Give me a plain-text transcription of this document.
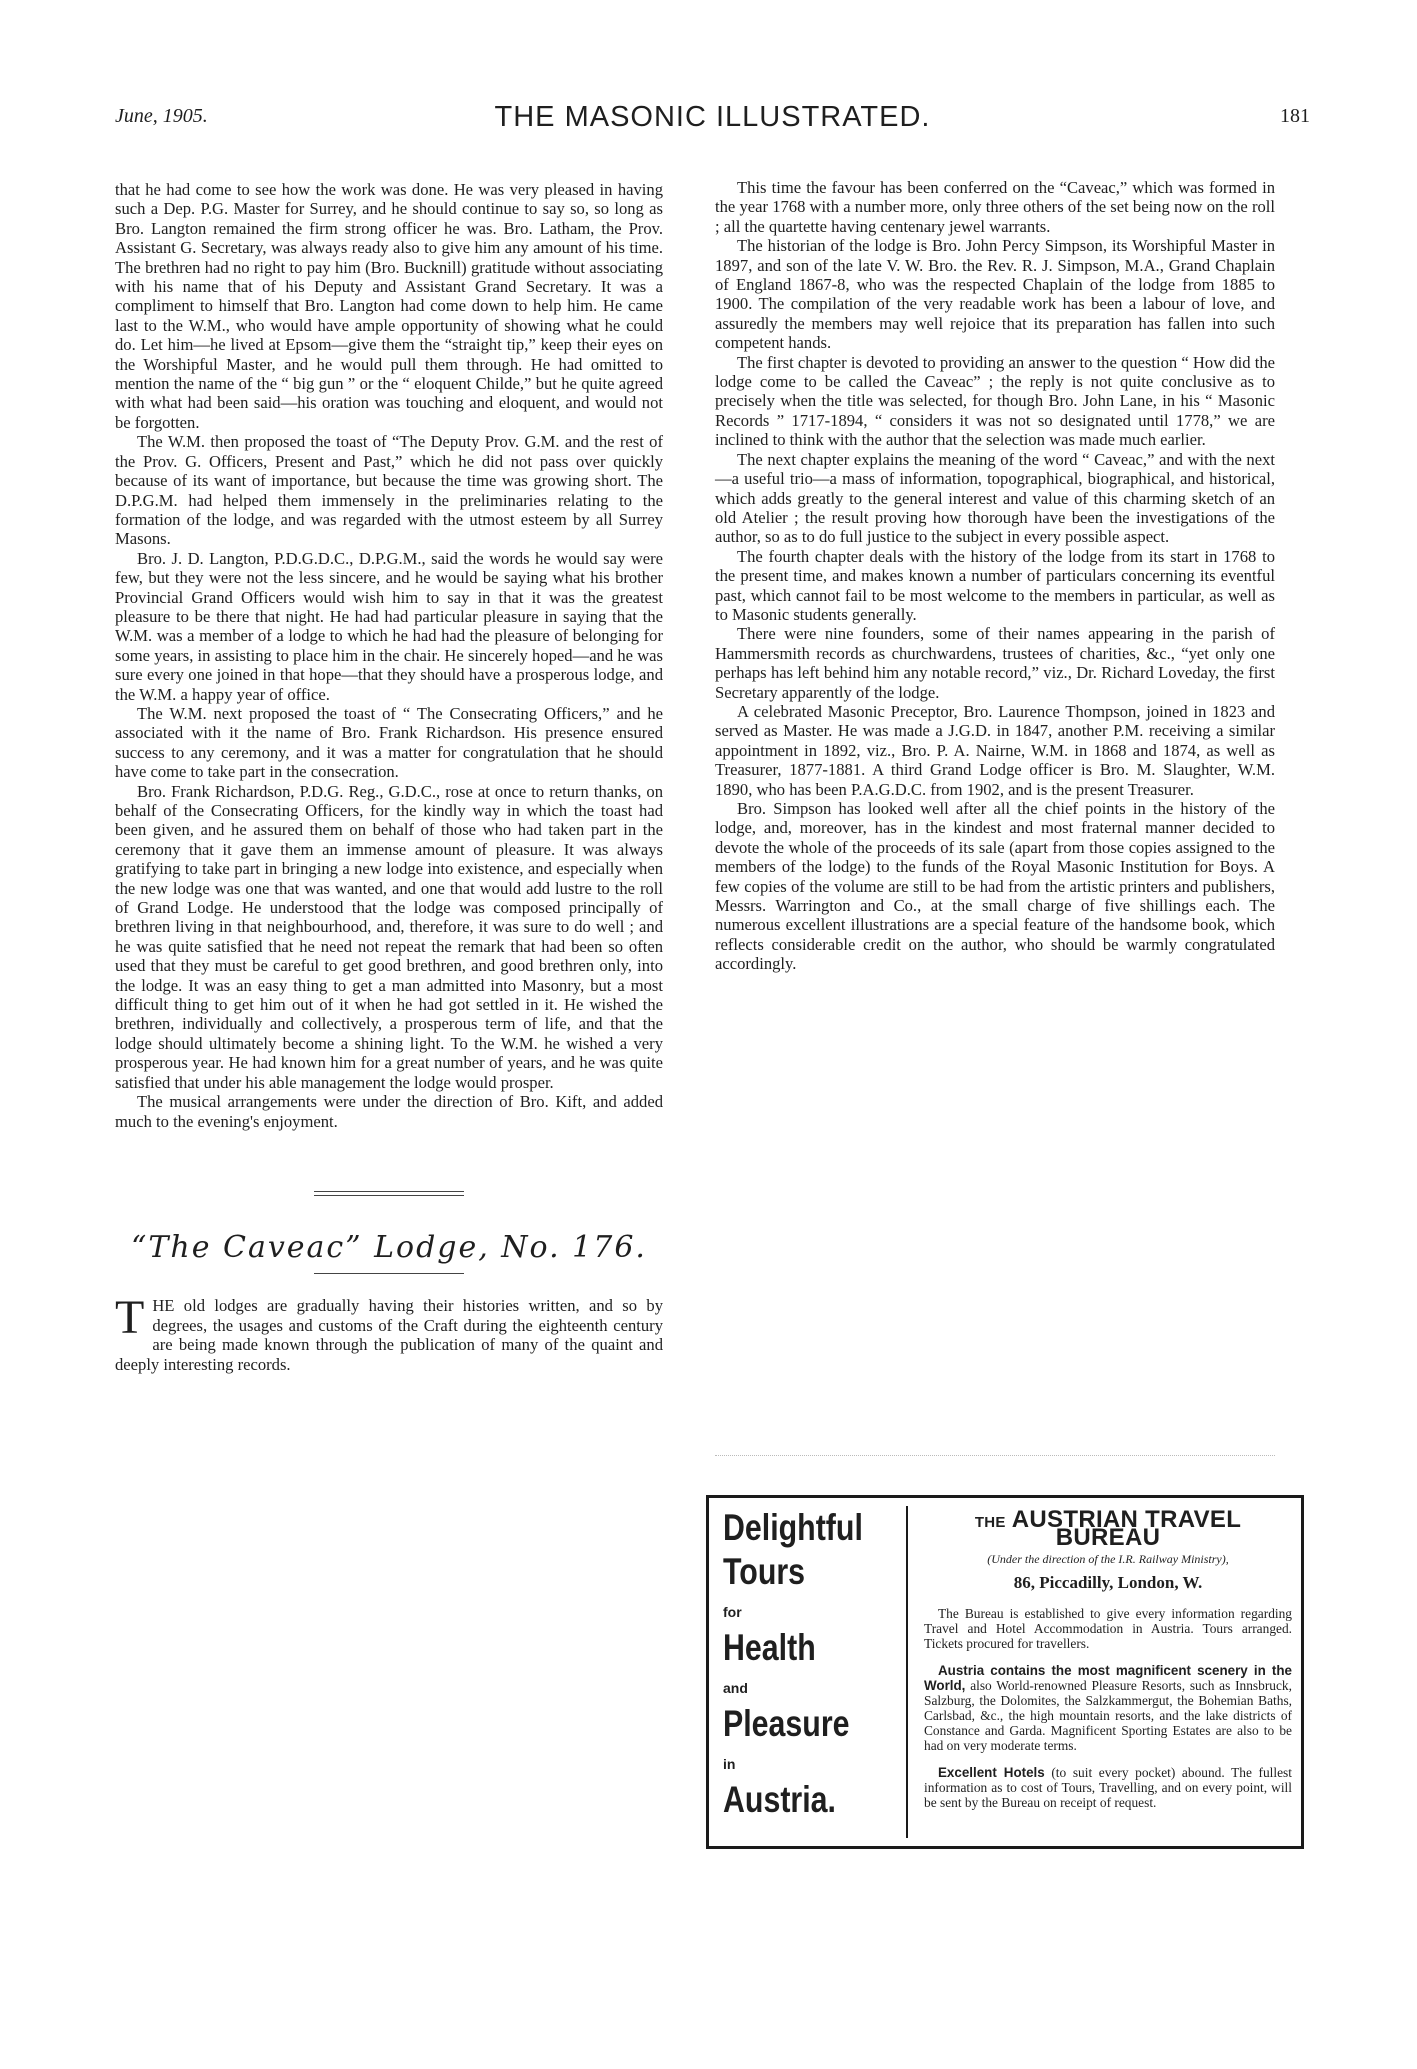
June, 1905.	THE MASONIC ILLUSTRATED.	181

that he had come to see how the work was done. He was very pleased in having such a Dep. P.G. Master for Surrey, and he should continue to say so, so long as Bro. Langton remained the firm strong officer he was. Bro. Latham, the Prov. Assistant G. Secretary, was always ready also to give him any amount of his time. The brethren had no right to pay him (Bro. Bucknill) gratitude without associating with his name that of his Deputy and Assistant Grand Secretary. It was a compliment to himself that Bro. Langton had come down to help him. He came last to the W.M., who would have ample opportunity of showing what he could do. Let him—he lived at Epsom—give them the “straight tip,” keep their eyes on the Worshipful Master, and he would pull them through. He had omitted to mention the name of the “ big gun ” or the “ eloquent Childe,” but he quite agreed with what had been said—his oration was touching and eloquent, and would not be forgotten.

The W.M. then proposed the toast of “The Deputy Prov. G.M. and the rest of the Prov. G. Officers, Present and Past,” which he did not pass over quickly because of its want of importance, but because the time was growing short. The D.P.G.M. had helped them immensely in the preliminaries relating to the formation of the lodge, and was regarded with the utmost esteem by all Surrey Masons.

Bro. J. D. Langton, P.D.G.D.C., D.P.G.M., said the words he would say were few, but they were not the less sincere, and he would be saying what his brother Provincial Grand Officers would wish him to say in that it was the greatest pleasure to be there that night. He had had particular pleasure in saying that the W.M. was a member of a lodge to which he had had the pleasure of belonging for some years, in assisting to place him in the chair. He sincerely hoped—and he was sure every one joined in that hope—that they should have a prosperous lodge, and the W.M. a happy year of office.

The W.M. next proposed the toast of “ The Consecrating Officers,” and he associated with it the name of Bro. Frank Richardson. His presence ensured success to any ceremony, and it was a matter for congratulation that he should have come to take part in the consecration.

Bro. Frank Richardson, P.D.G. Reg., G.D.C., rose at once to return thanks, on behalf of the Consecrating Officers, for the kindly way in which the toast had been given, and he assured them on behalf of those who had taken part in the ceremony that it gave them an immense amount of pleasure. It was always gratifying to take part in bringing a new lodge into existence, and especially when the new lodge was one that was wanted, and one that would add lustre to the roll of Grand Lodge. He understood that the lodge was composed principally of brethren living in that neighbourhood, and, therefore, it was sure to do well ; and he was quite satisfied that he need not repeat the remark that had been so often used that they must be careful to get good brethren, and good brethren only, into the lodge. It was an easy thing to get a man admitted into Masonry, but a most difficult thing to get him out of it when he had got settled in it. He wished the brethren, individually and collectively, a prosperous term of life, and that the lodge should ultimately become a shining light. To the W.M. he wished a very prosperous year. He had known him for a great number of years, and he was quite satisfied that under his able management the lodge would prosper.

The musical arrangements were under the direction of Bro. Kift, and added much to the evening's enjoyment.

“The Caveac” Lodge, No. 176.

THE old lodges are gradually having their histories written, and so by degrees, the usages and customs of the Craft during the eighteenth century are being made known through the publication of many of the quaint and deeply interesting records.

This time the favour has been conferred on the “Caveac,” which was formed in the year 1768 with a number more, only three others of the set being now on the roll ; all the quartette having centenary jewel warrants.

The historian of the lodge is Bro. John Percy Simpson, its Worshipful Master in 1897, and son of the late V. W. Bro. the Rev. R. J. Simpson, M.A., Grand Chaplain of England 1867-8, who was the respected Chaplain of the lodge from 1885 to 1900. The compilation of the very readable work has been a labour of love, and assuredly the members may well rejoice that its preparation has fallen into such competent hands.

The first chapter is devoted to providing an answer to the question “ How did the lodge come to be called the Caveac” ; the reply is not quite conclusive as to precisely when the title was selected, for though Bro. John Lane, in his “ Masonic Records ” 1717-1894, “ considers it was not so designated until 1778,” we are inclined to think with the author that the selection was made much earlier.

The next chapter explains the meaning of the word “ Caveac,” and with the next—a useful trio—a mass of information, topographical, biographical, and historical, which adds greatly to the general interest and value of this charming sketch of an old Atelier ; the result proving how thorough have been the investigations of the author, so as to do full justice to the subject in every possible aspect.

The fourth chapter deals with the history of the lodge from its start in 1768 to the present time, and makes known a number of particulars concerning its eventful past, which cannot fail to be most welcome to the members in particular, as well as to Masonic students generally.

There were nine founders, some of their names appearing in the parish of Hammersmith records as churchwardens, trustees of charities, &c., “yet only one perhaps has left behind him any notable record,” viz., Dr. Richard Loveday, the first Secretary apparently of the lodge.

A celebrated Masonic Preceptor, Bro. Laurence Thompson, joined in 1823 and served as Master. He was made a J.G.D. in 1847, another P.M. receiving a similar appointment in 1892, viz., Bro. P. A. Nairne, W.M. in 1868 and 1874, as well as Treasurer, 1877-1881. A third Grand Lodge officer is Bro. M. Slaughter, W.M. 1890, who has been P.A.G.D.C. from 1902, and is the present Treasurer.

Bro. Simpson has looked well after all the chief points in the history of the lodge, and, moreover, has in the kindest and most fraternal manner decided to devote the whole of the proceeds of its sale (apart from those copies assigned to the members of the lodge) to the funds of the Royal Masonic Institution for Boys. A few copies of the volume are still to be had from the artistic printers and publishers, Messrs. Warrington and Co., at the small charge of five shillings each. The numerous excellent illustrations are a special feature of the handsome book, which reflects considerable credit on the author, who should be warmly congratulated accordingly.

Delightful
Tours
for
Health
and
Pleasure
in
Austria.
THE AUSTRIAN TRAVEL BUREAU
(Under the direction of the I.R. Railway Ministry),
86, Piccadilly, London, W.

The Bureau is established to give every information regarding Travel and Hotel Accommodation in Austria. Tours arranged. Tickets procured for travellers.

Austria contains the most magnificent scenery in the World, also World-renowned Pleasure Resorts, such as Innsbruck, Salzburg, the Dolomites, the Salzkammergut, the Bohemian Baths, Carlsbad, &c., the high mountain resorts, and the lake districts of Constance and Garda. Magnificent Sporting Estates are also to be had on very moderate terms.

Excellent Hotels (to suit every pocket) abound. The fullest information as to cost of Tours, Travelling, and on every point, will be sent by the Bureau on receipt of request.
